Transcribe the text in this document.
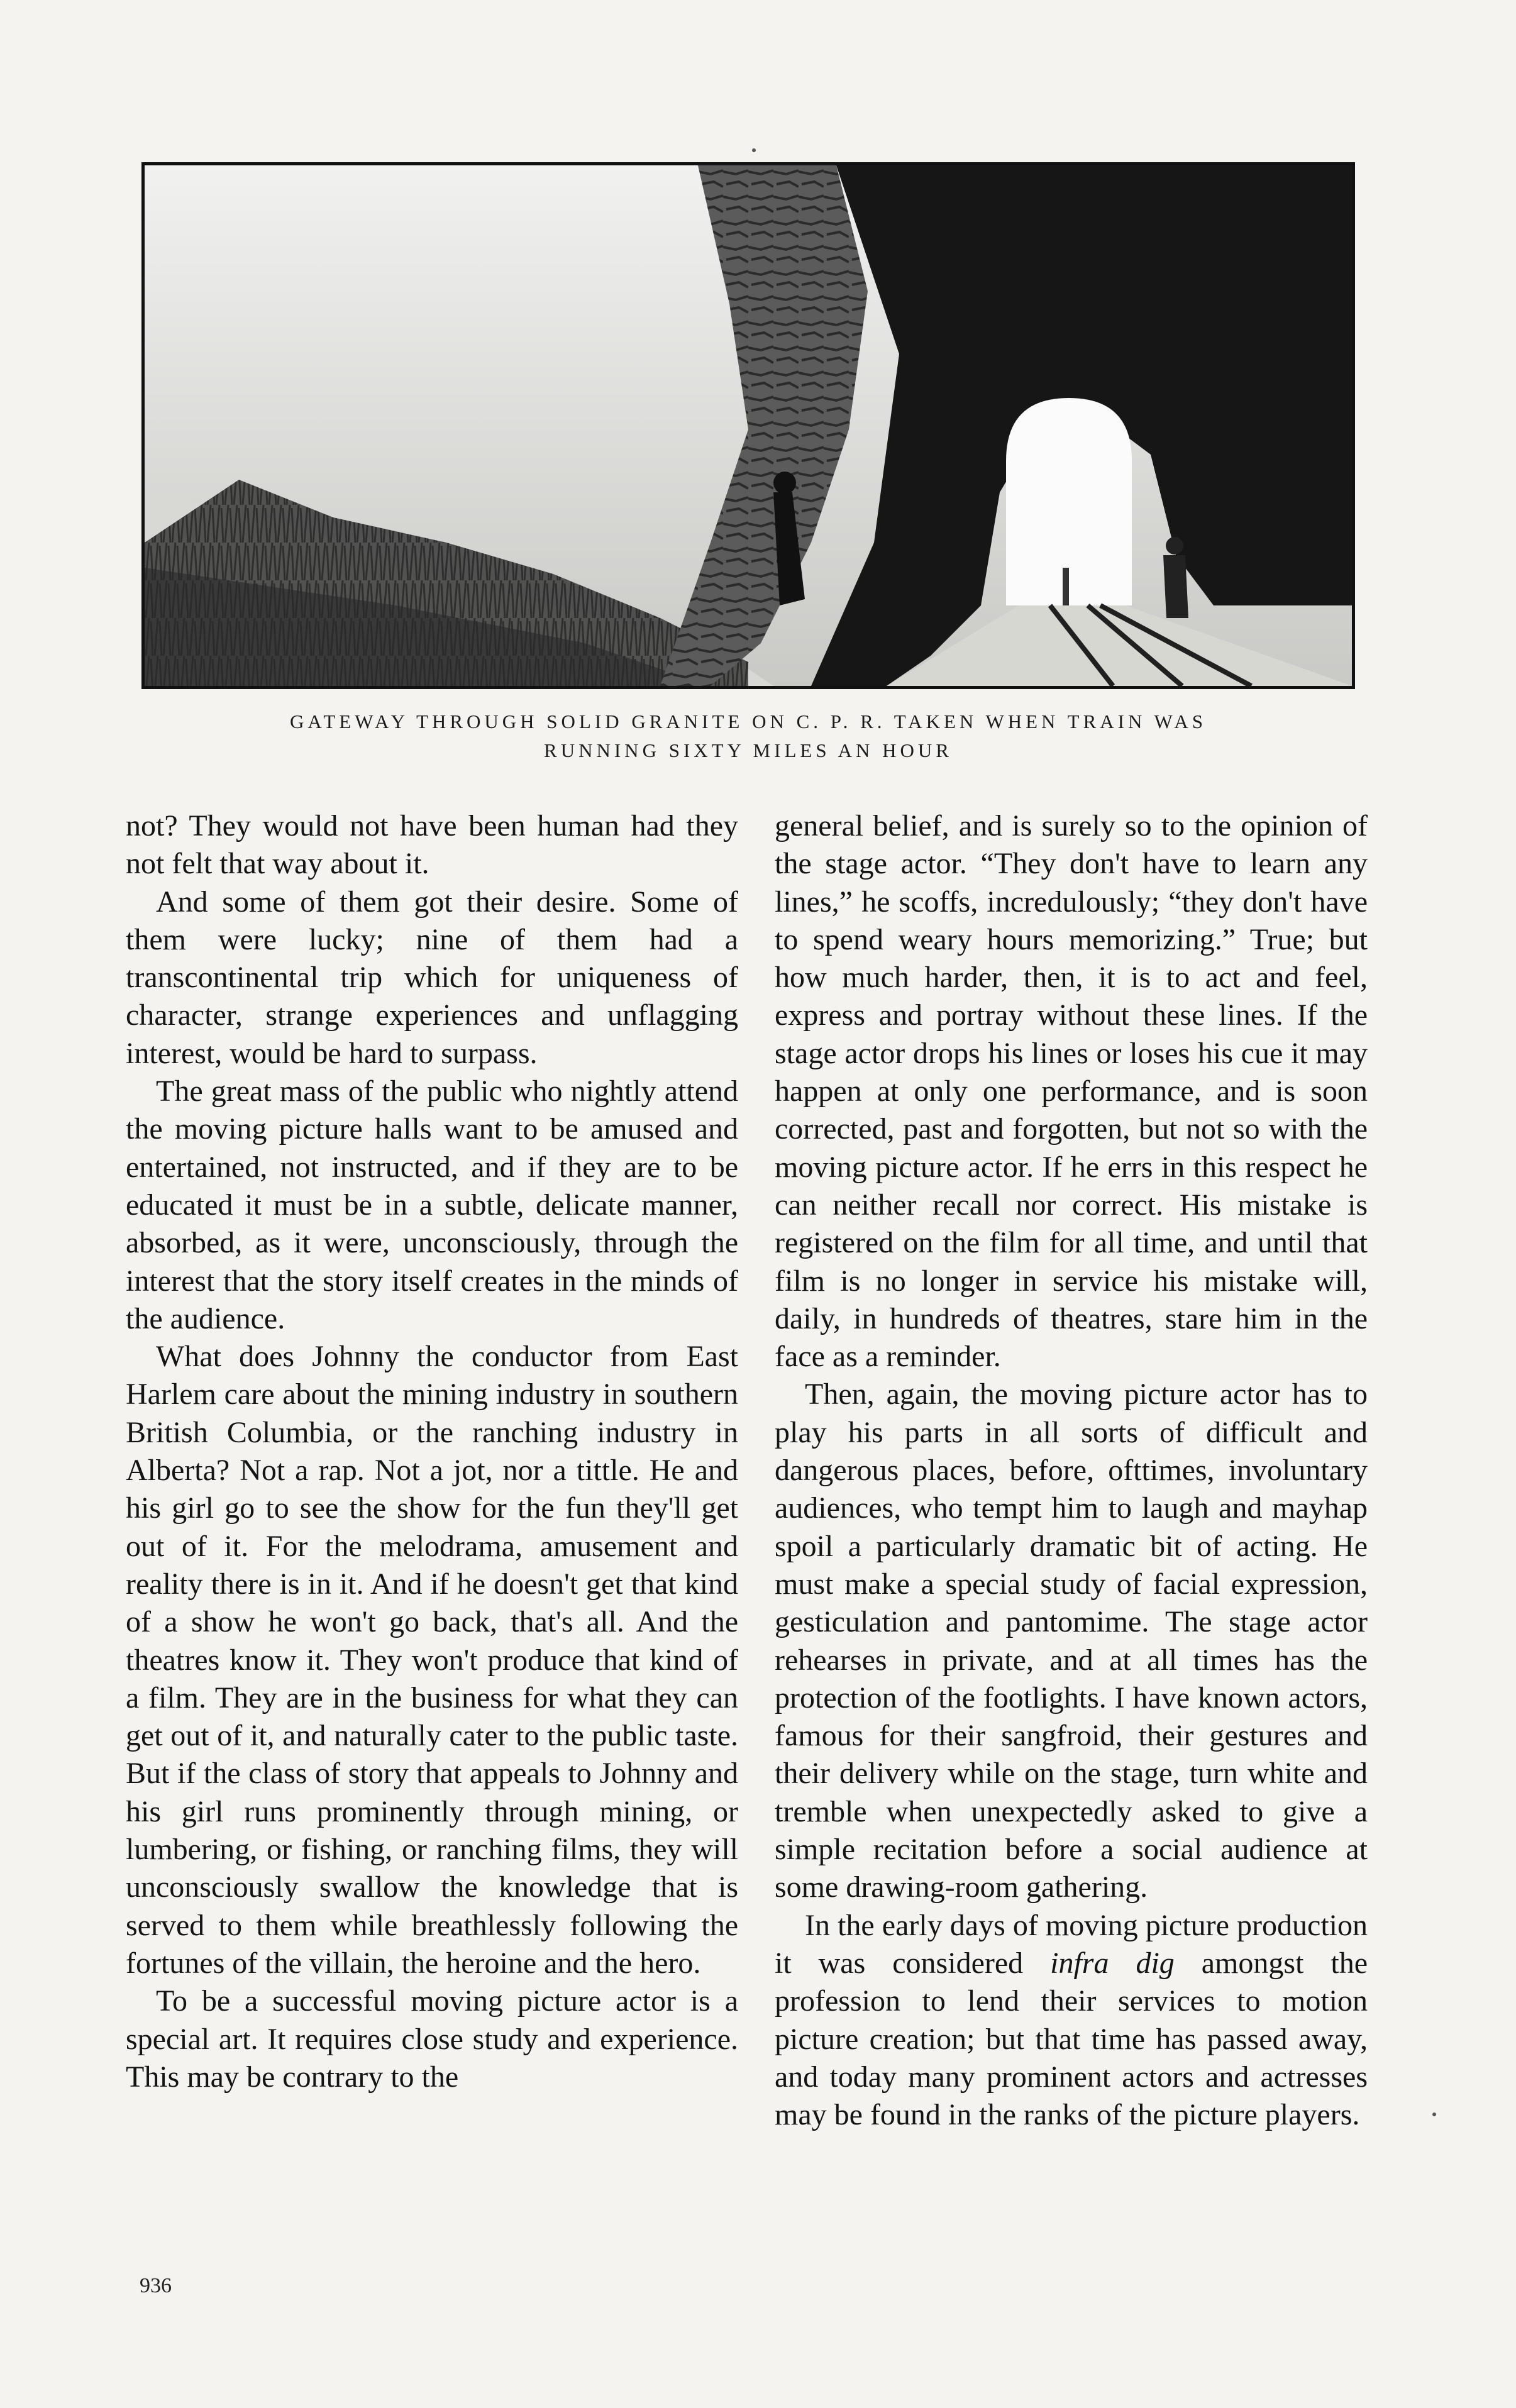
GATEWAY THROUGH SOLID GRANITE ON C. P. R. TAKEN WHEN TRAIN WAS
RUNNING SIXTY MILES AN HOUR

not? They would not have been human had they not felt that way about it.

And some of them got their desire. Some of them were lucky; nine of them had a transcontinental trip which for uniqueness of character, strange experiences and unflagging interest, would be hard to surpass.

The great mass of the public who nightly attend the moving picture halls want to be amused and entertained, not instructed, and if they are to be educated it must be in a subtle, delicate manner, absorbed, as it were, unconsciously, through the interest that the story itself creates in the minds of the audience.

What does Johnny the conductor from East Harlem care about the mining industry in southern British Columbia, or the ranching industry in Alberta? Not a rap. Not a jot, nor a tittle. He and his girl go to see the show for the fun they'll get out of it. For the melodrama, amusement and reality there is in it. And if he doesn't get that kind of a show he won't go back, that's all. And the theatres know it. They won't produce that kind of a film. They are in the business for what they can get out of it, and naturally cater to the public taste. But if the class of story that appeals to Johnny and his girl runs prominently through mining, or lumbering, or fishing, or ranching films, they will unconsciously swallow the knowledge that is served to them while breathlessly following the fortunes of the villain, the heroine and the hero.

To be a successful moving picture actor is a special art. It requires close study and experience. This may be contrary to the

general belief, and is surely so to the opinion of the stage actor. “They don't have to learn any lines,” he scoffs, incredulously; “they don't have to spend weary hours memorizing.” True; but how much harder, then, it is to act and feel, express and portray without these lines. If the stage actor drops his lines or loses his cue it may happen at only one performance, and is soon corrected, past and forgotten, but not so with the moving picture actor. If he errs in this respect he can neither recall nor correct. His mistake is registered on the film for all time, and until that film is no longer in service his mistake will, daily, in hundreds of theatres, stare him in the face as a reminder.

Then, again, the moving picture actor has to play his parts in all sorts of difficult and dangerous places, before, ofttimes, involuntary audiences, who tempt him to laugh and mayhap spoil a particularly dramatic bit of acting. He must make a special study of facial expression, gesticulation and pantomime. The stage actor rehearses in private, and at all times has the protection of the footlights. I have known actors, famous for their sangfroid, their gestures and their delivery while on the stage, turn white and tremble when unexpectedly asked to give a simple recitation before a social audience at some drawing-room gathering.

In the early days of moving picture production it was considered infra dig amongst the profession to lend their services to motion picture creation; but that time has passed away, and today many prominent actors and actresses may be found in the ranks of the picture players.

936
